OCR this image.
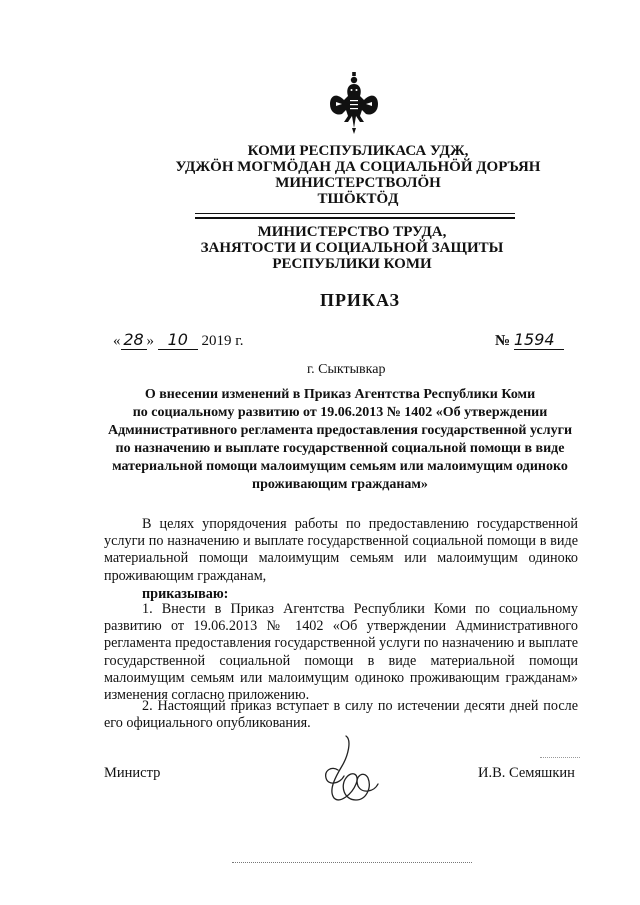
КОМИ РЕСПУБЛИКАСА УДЖ,
УДЖÖН МОГМÖДАН ДА СОЦИАЛЬНÖЙ ДОРЪЯН
МИНИСТЕРСТВОЛÖН
ТШÖКТÖД
МИНИСТЕРСТВО ТРУДА,
ЗАНЯТОСТИ И СОЦИАЛЬНОЙ ЗАЩИТЫ
РЕСПУБЛИКИ КОМИ
ПРИКАЗ
« 28 » 10 2019 г.	№ 1594
г. Сыктывкар
О внесении изменений в Приказ Агентства Республики Коми
по социальному развитию от 19.06.2013 № 1402 «Об утверждении
Административного регламента предоставления государственной услуги
по назначению и выплате государственной социальной помощи в виде
материальной помощи малоимущим семьям или малоимущим одиноко
проживающим гражданам»

В целях упорядочения работы по предоставлению государственной услуги по назначению и выплате государственной социальной помощи в виде материальной помощи малоимущим семьям или малоимущим одиноко проживающим гражданам,

приказываю:

1. Внести в Приказ Агентства Республики Коми по социальному развитию от 19.06.2013 № 1402 «Об утверждении Административного регламента предоставления государственной услуги по назначению и выплате государственной социальной помощи в виде материальной помощи малоимущим семьям или малоимущим одиноко проживающим гражданам» изменения согласно приложению.

2. Настоящий приказ вступает в силу по истечении десяти дней после его официального опубликования.

Министр	И.В. Семяшкин
